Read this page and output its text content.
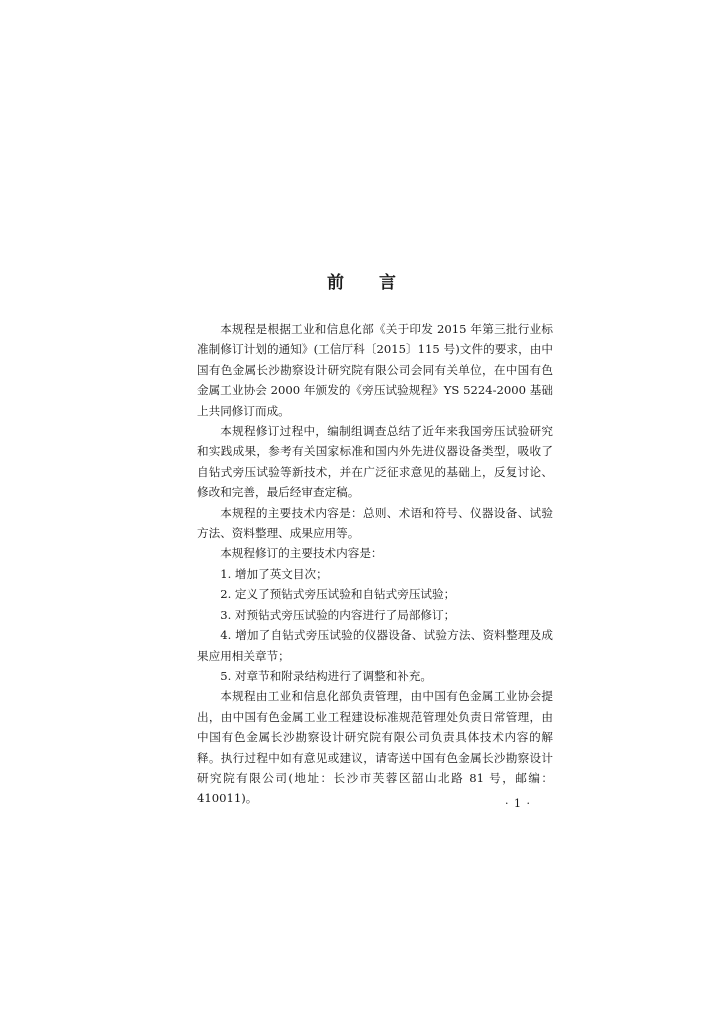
前 言

本规程是根据工业和信息化部《关于印发 2015 年第三批行业标准制修订计划的通知》(工信厅科〔2015〕115 号)文件的要求，由中国有色金属长沙勘察设计研究院有限公司会同有关单位，在中国有色金属工业协会 2000 年颁发的《旁压试验规程》YS 5224-2000 基础上共同修订而成。

本规程修订过程中，编制组调查总结了近年来我国旁压试验研究和实践成果，参考有关国家标准和国内外先进仪器设备类型，吸收了自钻式旁压试验等新技术，并在广泛征求意见的基础上，反复讨论、修改和完善，最后经审查定稿。

本规程的主要技术内容是：总则、术语和符号、仪器设备、试验方法、资料整理、成果应用等。

本规程修订的主要技术内容是：

1. 增加了英文目次；

2. 定义了预钻式旁压试验和自钻式旁压试验；

3. 对预钻式旁压试验的内容进行了局部修订；

4. 增加了自钻式旁压试验的仪器设备、试验方法、资料整理及成果应用相关章节；

5. 对章节和附录结构进行了调整和补充。

本规程由工业和信息化部负责管理，由中国有色金属工业协会提出，由中国有色金属工业工程建设标准规范管理处负责日常管理，由中国有色金属长沙勘察设计研究院有限公司负责具体技术内容的解释。执行过程中如有意见或建议，请寄送中国有色金属长沙勘察设计研究院有限公司(地址：长沙市芙蓉区韶山北路 81 号，邮编：410011)。	· 1 ·
